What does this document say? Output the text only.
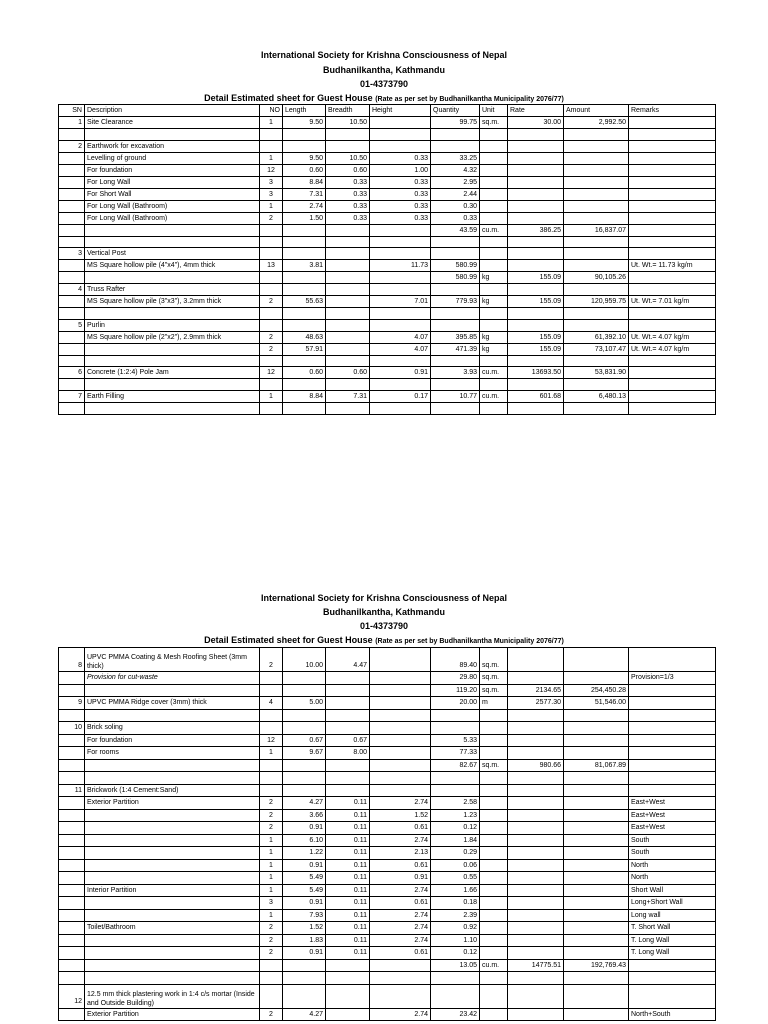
International Society for Krishna Consciousness of Nepal
Budhanilkantha, Kathmandu
01-4373790
Detail Estimated sheet for Guest House (Rate as per set by Budhanilkantha Municipality 2076/77)
SN	Description	NO	Length	Breadth	Height	Quantity	Unit	Rate	Amount	Remarks
1	Site Clearance	1	9.50	10.50		99.75	sq.m.	30.00	2,992.50	

2	Earthwork for excavation									
	Levelling of ground	1	9.50	10.50	0.33	33.25				
	For foundation	12	0.60	0.60	1.00	4.32				
	For Long Wall	3	8.84	0.33	0.33	2.95				
	For Short Wall	3	7.31	0.33	0.33	2.44				
	For Long Wall (Bathroom)	1	2.74	0.33	0.33	0.30				
	For Long Wall (Bathroom)	2	1.50	0.33	0.33	0.33				
						43.59	cu.m.	386.25	16,837.07	

3	Vertical Post									
	MS Square hollow pile (4"x4"), 4mm thick	13	3.81		11.73	580.99				Ut. Wt.= 11.73 kg/m
						580.99	kg	155.09	90,105.26	
4	Truss Rafter									
	MS Square hollow pile (3"x3"), 3.2mm thick	2	55.63		7.01	779.93	kg	155.09	120,959.75	Ut. Wt.= 7.01 kg/m

5	Purlin									
	MS Square hollow pile (2"x2"), 2.9mm thick	2	48.63		4.07	395.85	kg	155.09	61,392.10	Ut. Wt.= 4.07 kg/m
		2	57.91		4.07	471.39	kg	155.09	73,107.47	Ut. Wt.= 4.07 kg/m

6	Concrete (1:2:4) Pole Jam	12	0.60	0.60	0.91	3.93	cu.m.	13693.50	53,831.90	

7	Earth Filling	1	8.84	7.31	0.17	10.77	cu.m.	601.68	6,480.13	

International Society for Krishna Consciousness of Nepal
Budhanilkantha, Kathmandu
01-4373790
Detail Estimated sheet for Guest House (Rate as per set by Budhanilkantha Municipality 2076/77)
8	UPVC PMMA Coating & Mesh Roofing Sheet (3mm thick)	2	10.00	4.47		89.40	sq.m.			
	Provision for cut-waste					29.80	sq.m.			Provision=1/3
						119.20	sq.m.	2134.65	254,450.28	
9	UPVC PMMA Ridge cover (3mm) thick	4	5.00			20.00	m	2577.30	51,546.00	

10	Brick soling									
	For foundation	12	0.67	0.67		5.33				
	For rooms	1	9.67	8.00		77.33				
						82.67	sq.m.	980.66	81,067.89	

11	Brickwork (1:4 Cement:Sand)									
	Exterior Partition	2	4.27	0.11	2.74	2.58				East+West
		2	3.66	0.11	1.52	1.23				East+West
		2	0.91	0.11	0.61	0.12				East+West
		1	6.10	0.11	2.74	1.84				South
		1	1.22	0.11	2.13	0.29				South
		1	0.91	0.11	0.61	0.06				North
		1	5.49	0.11	0.91	0.55				North
	Interior Partition	1	5.49	0.11	2.74	1.66				Short Wall
		3	0.91	0.11	0.61	0.18				Long+Short Wall
		1	7.93	0.11	2.74	2.39				Long wall
	Toilet/Bathroom	2	1.52	0.11	2.74	0.92				T. Short Wall
		2	1.83	0.11	2.74	1.10				T. Long Wall
		2	0.91	0.11	0.61	0.12				T. Long Wall
						13.05	cu.m.	14775.51	192,769.43	

12	12.5 mm thick plastering work in 1:4 c/s mortar (Inside and Outside Building)									
	Exterior Partition	2	4.27		2.74	23.42				North+South
